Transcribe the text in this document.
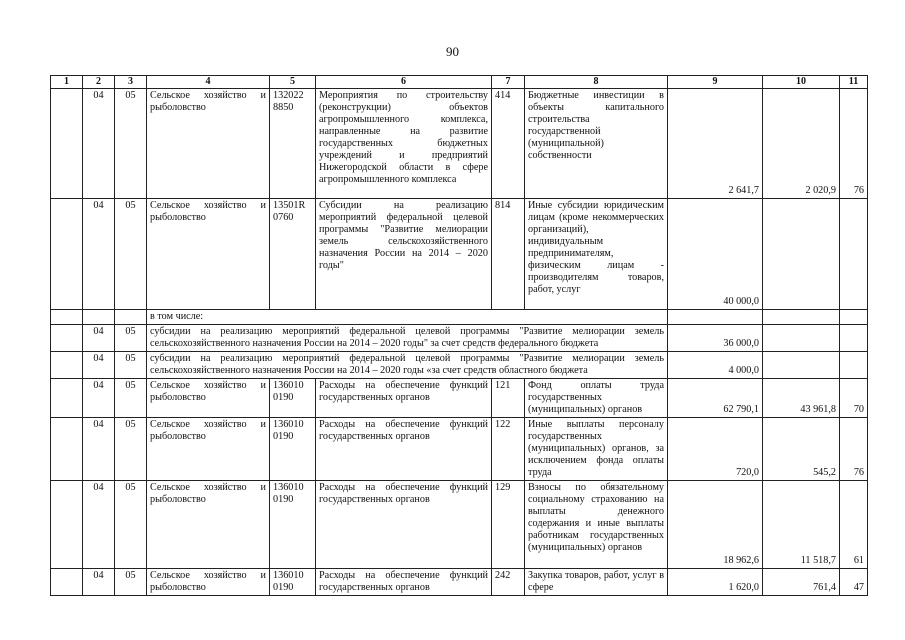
90
1	2	3	4	5	6	7	8	9	10	11
	04	05	Сельское хозяйство и рыболовство	132022 8850	Мероприятия по строительству (реконструкции) объектов агропромышленного комплекса, направленные на развитие государственных бюджетных учреждений и предприятий Нижегородской области в сфере агропромышленного комплекса	414	Бюджетные инвестиции в объекты капитального строительства государственной (муниципальной) собственности	2 641,7	2 020,9	76
	04	05	Сельское хозяйство и рыболовство	13501R 0760	Субсидии на реализацию мероприятий федеральной целевой программы "Развитие мелиорации земель сельскохозяйственного назначения России на 2014 – 2020 годы"	814	Иные субсидии юридическим лицам (кроме некоммерческих организаций), индивидуальным предпринимателям, физическим лицам - производителям товаров, работ, услуг	40 000,0		
			в том числе:							
	04	05	субсидии на реализацию мероприятий федеральной целевой программы "Развитие мелиорации земель сельскохозяйственного назначения России на 2014 – 2020 годы" за счет средств федерального бюджета					36 000,0		
	04	05	субсидии на реализацию мероприятий федеральной целевой программы "Развитие мелиорации земель сельскохозяйственного назначения России на 2014 – 2020 годы «за счет средств областного бюджета					4 000,0		
	04	05	Сельское хозяйство и рыболовство	136010 0190	Расходы на обеспечение функций государственных органов	121	Фонд оплаты труда государственных (муниципальных) органов	62 790,1	43 961,8	70
	04	05	Сельское хозяйство и рыболовство	136010 0190	Расходы на обеспечение функций государственных органов	122	Иные выплаты персоналу государственных (муниципальных) органов, за исключением фонда оплаты труда	720,0	545,2	76
	04	05	Сельское хозяйство и рыболовство	136010 0190	Расходы на обеспечение функций государственных органов	129	Взносы по обязательному социальному страхованию на выплаты денежного содержания и иные выплаты работникам государственных (муниципальных) органов	18 962,6	11 518,7	61
	04	05	Сельское хозяйство и рыболовство	136010 0190	Расходы на обеспечение функций государственных органов	242	Закупка товаров, работ, услуг в сфере	1 620,0	761,4	47
